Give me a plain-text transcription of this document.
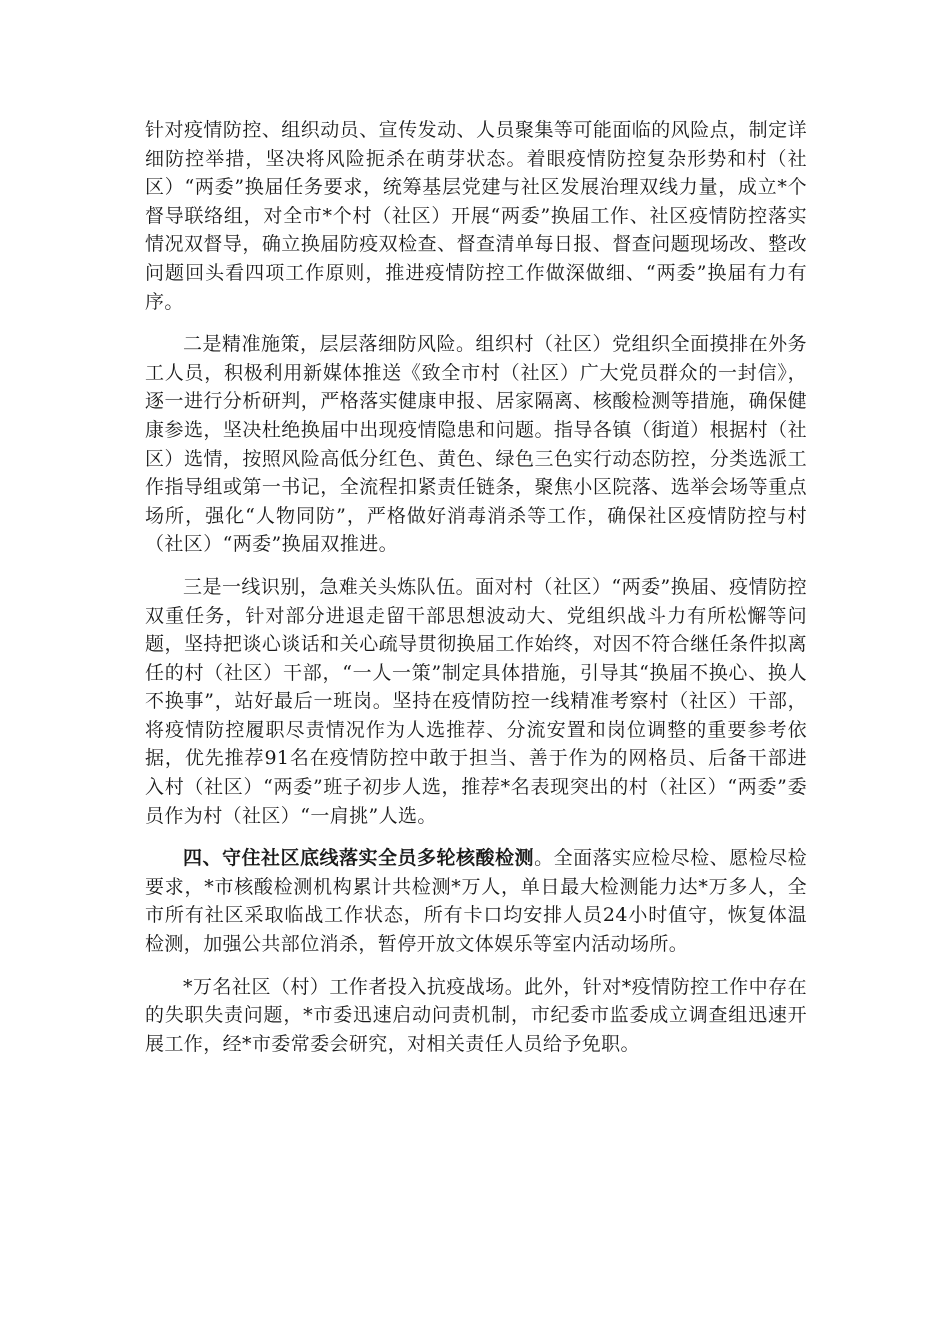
针对疫情防控、组织动员、宣传发动、人员聚集等可能面临的风险点，制定详细防控举措，坚决将风险扼杀在萌芽状态。着眼疫情防控复杂形势和村（社区）“两委”换届任务要求，统筹基层党建与社区发展治理双线力量，成立*个督导联络组，对全市*个村（社区）开展“两委”换届工作、社区疫情防控落实情况双督导，确立换届防疫双检查、督查清单每日报、督查问题现场改、整改问题回头看四项工作原则，推进疫情防控工作做深做细、“两委”换届有力有序。

二是精准施策，层层落细防风险。组织村（社区）党组织全面摸排在外务工人员，积极利用新媒体推送《致全市村（社区）广大党员群众的一封信》，逐一进行分析研判，严格落实健康申报、居家隔离、核酸检测等措施，确保健康参选，坚决杜绝换届中出现疫情隐患和问题。指导各镇（街道）根据村（社区）选情，按照风险高低分红色、黄色、绿色三色实行动态防控，分类选派工作指导组或第一书记，全流程扣紧责任链条，聚焦小区院落、选举会场等重点场所，强化“人物同防”，严格做好消毒消杀等工作，确保社区疫情防控与村（社区）“两委”换届双推进。

三是一线识别，急难关头炼队伍。面对村（社区）“两委”换届、疫情防控双重任务，针对部分进退走留干部思想波动大、党组织战斗力有所松懈等问题，坚持把谈心谈话和关心疏导贯彻换届工作始终，对因不符合继任条件拟离任的村（社区）干部，“一人一策”制定具体措施，引导其“换届不换心、换人不换事”，站好最后一班岗。坚持在疫情防控一线精准考察村（社区）干部，将疫情防控履职尽责情况作为人选推荐、分流安置和岗位调整的重要参考依据，优先推荐91名在疫情防控中敢于担当、善于作为的网格员、后备干部进入村（社区）“两委”班子初步人选，推荐*名表现突出的村（社区）“两委”委员作为村（社区）“一肩挑”人选。

四、守住社区底线落实全员多轮核酸检测。全面落实应检尽检、愿检尽检要求，*市核酸检测机构累计共检测*万人，单日最大检测能力达*万多人，全市所有社区采取临战工作状态，所有卡口均安排人员24小时值守，恢复体温检测，加强公共部位消杀，暂停开放文体娱乐等室内活动场所。

*万名社区（村）工作者投入抗疫战场。此外，针对*疫情防控工作中存在的失职失责问题，*市委迅速启动问责机制，市纪委市监委成立调查组迅速开展工作，经*市委常委会研究，对相关责任人员给予免职。
